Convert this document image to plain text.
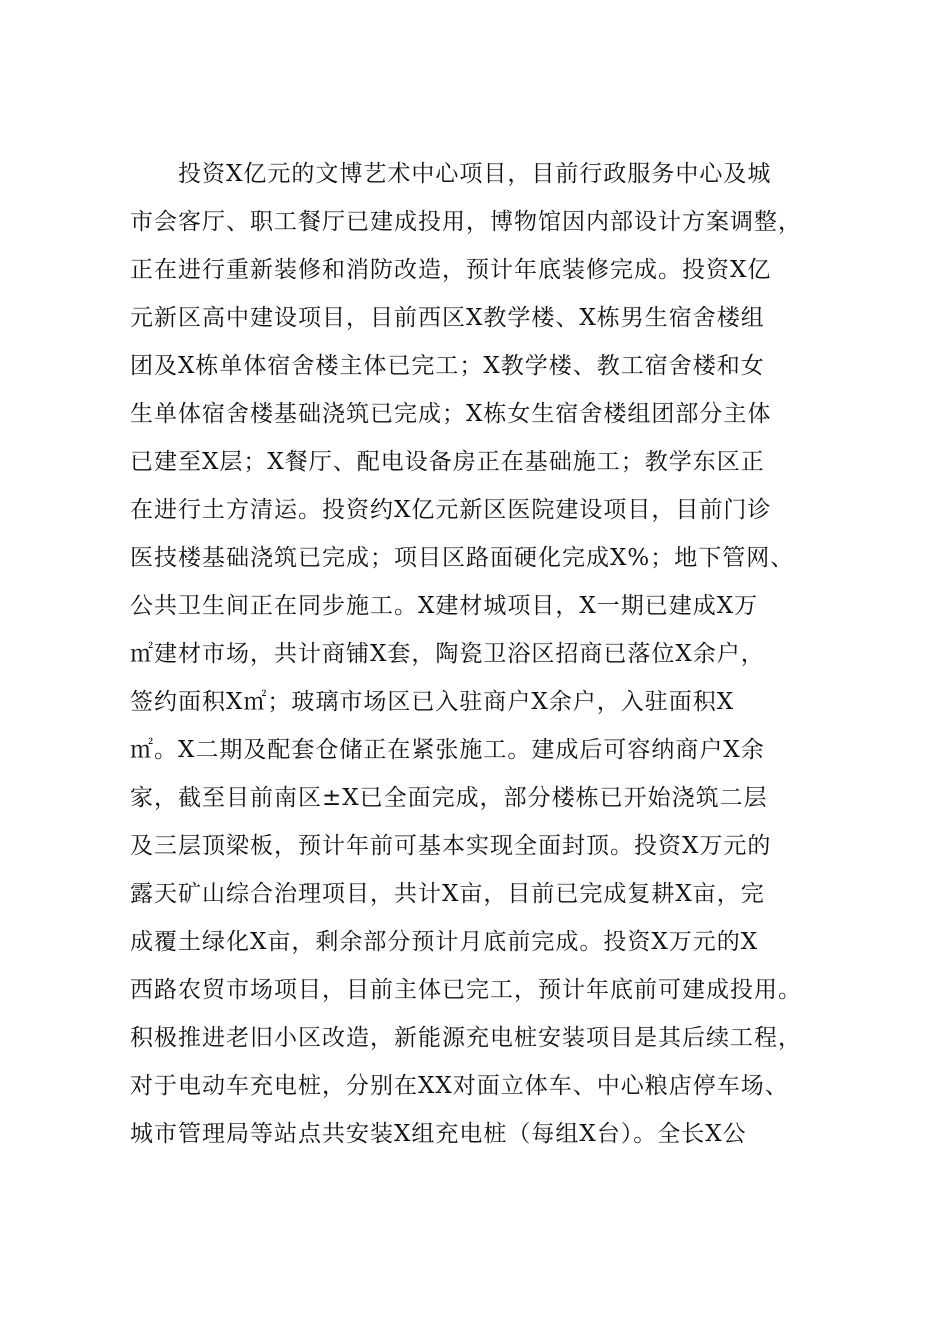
投资X亿元的文博艺术中心项目，目前行政服务中心及城
市会客厅、职工餐厅已建成投用，博物馆因内部设计方案调整，
正在进行重新装修和消防改造，预计年底装修完成。投资X亿
元新区高中建设项目，目前西区X教学楼、X栋男生宿舍楼组
团及X栋单体宿舍楼主体已完工；X教学楼、教工宿舍楼和女
生单体宿舍楼基础浇筑已完成；X栋女生宿舍楼组团部分主体
已建至X层；X餐厅、配电设备房正在基础施工；教学东区正
在进行土方清运。投资约X亿元新区医院建设项目，目前门诊
医技楼基础浇筑已完成；项目区路面硬化完成X%；地下管网、
公共卫生间正在同步施工。X建材城项目，X一期已建成X万
㎡建材市场，共计商铺X套，陶瓷卫浴区招商已落位X余户，
签约面积X㎡；玻璃市场区已入驻商户X余户，入驻面积X
㎡。X二期及配套仓储正在紧张施工。建成后可容纳商户X余
家，截至目前南区±X已全面完成，部分楼栋已开始浇筑二层
及三层顶梁板，预计年前可基本实现全面封顶。投资X万元的
露天矿山综合治理项目，共计X亩，目前已完成复耕X亩，完
成覆土绿化X亩，剩余部分预计月底前完成。投资X万元的X
西路农贸市场项目，目前主体已完工，预计年底前可建成投用。
积极推进老旧小区改造，新能源充电桩安装项目是其后续工程，
对于电动车充电桩，分别在XX对面立体车、中心粮店停车场、
城市管理局等站点共安装X组充电桩（每组X台）。全长X公
